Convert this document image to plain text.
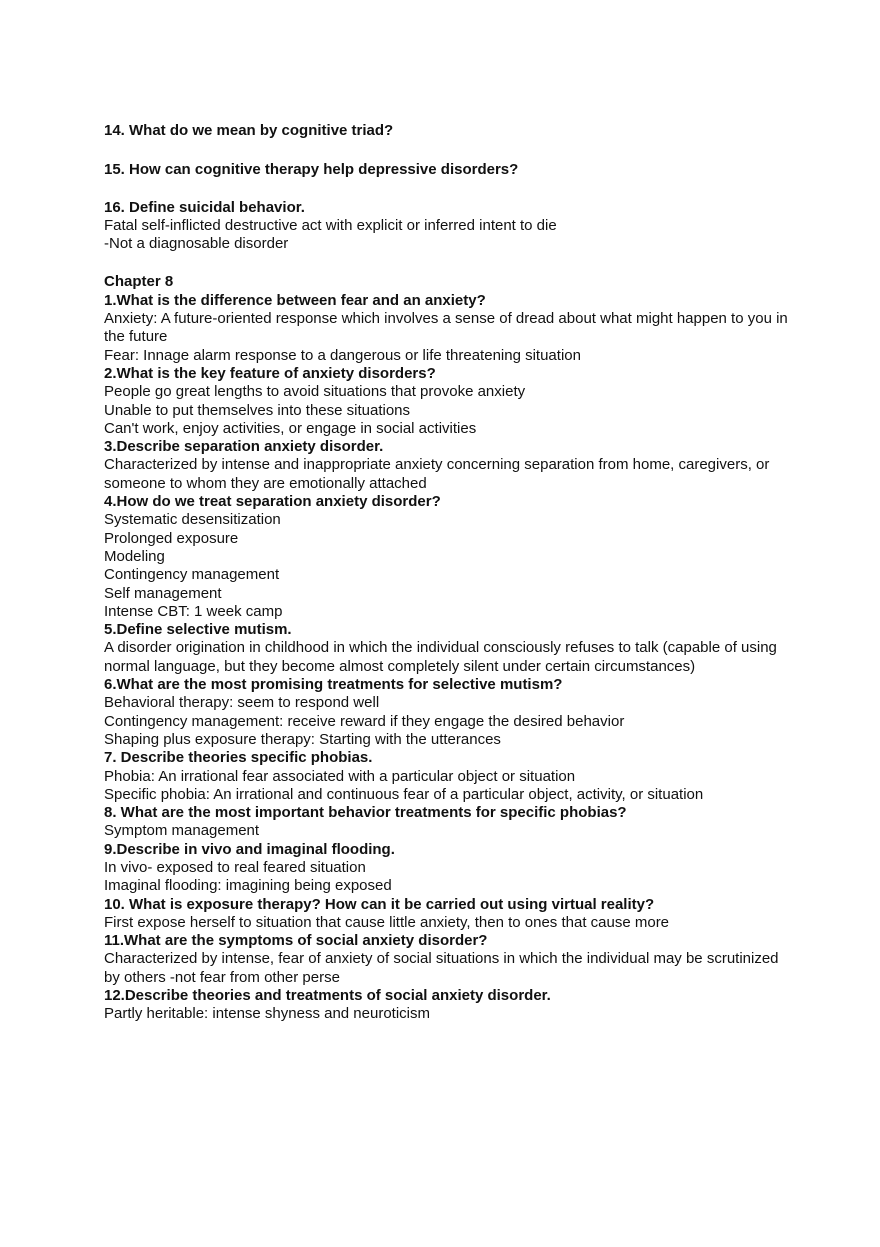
14. What do we mean by cognitive triad?

15. How can cognitive therapy help depressive disorders?

16. Define suicidal behavior.

Fatal self-inflicted destructive act with explicit or inferred intent to die

-Not a diagnosable disorder

Chapter 8

1.What is the difference between fear and an anxiety?

Anxiety: A future-oriented response which involves a sense of dread about what might happen to you in the future

Fear: Innage alarm response to a dangerous or life threatening situation

2.What is the key feature of anxiety disorders?

People go great lengths to avoid situations that provoke anxiety

Unable to put themselves into these situations

Can't work, enjoy activities, or engage in social activities

3.Describe separation anxiety disorder.

Characterized by intense and inappropriate anxiety concerning separation from home, caregivers, or someone to whom they are emotionally attached

4.How do we treat separation anxiety disorder?

Systematic desensitization

Prolonged exposure

Modeling

Contingency management

Self management

Intense CBT: 1 week camp

5.Define selective mutism.

A disorder origination in childhood in which the individual consciously refuses to talk (capable of using normal language, but they become almost completely silent under certain circumstances)

6.What are the most promising treatments for selective mutism?

Behavioral therapy: seem to respond well

Contingency management: receive reward if they engage the desired behavior

Shaping plus exposure therapy: Starting with the utterances

7. Describe theories specific phobias.

Phobia: An irrational fear associated with a particular object or situation

Specific phobia: An irrational and continuous fear of a particular object, activity, or situation

8. What are the most important behavior treatments for specific phobias?

Symptom management

9.Describe in vivo and imaginal flooding.

In vivo- exposed to real feared situation

Imaginal flooding: imagining being exposed

10. What is exposure therapy? How can it be carried out using virtual reality?

First expose herself to situation that cause little anxiety, then to ones that cause more

11.What are the symptoms of social anxiety disorder?

Characterized by intense, fear of anxiety of social situations in which the individual may be scrutinized by others -not fear from other perse

12.Describe theories and treatments of social anxiety disorder.

Partly heritable: intense shyness and neuroticism
